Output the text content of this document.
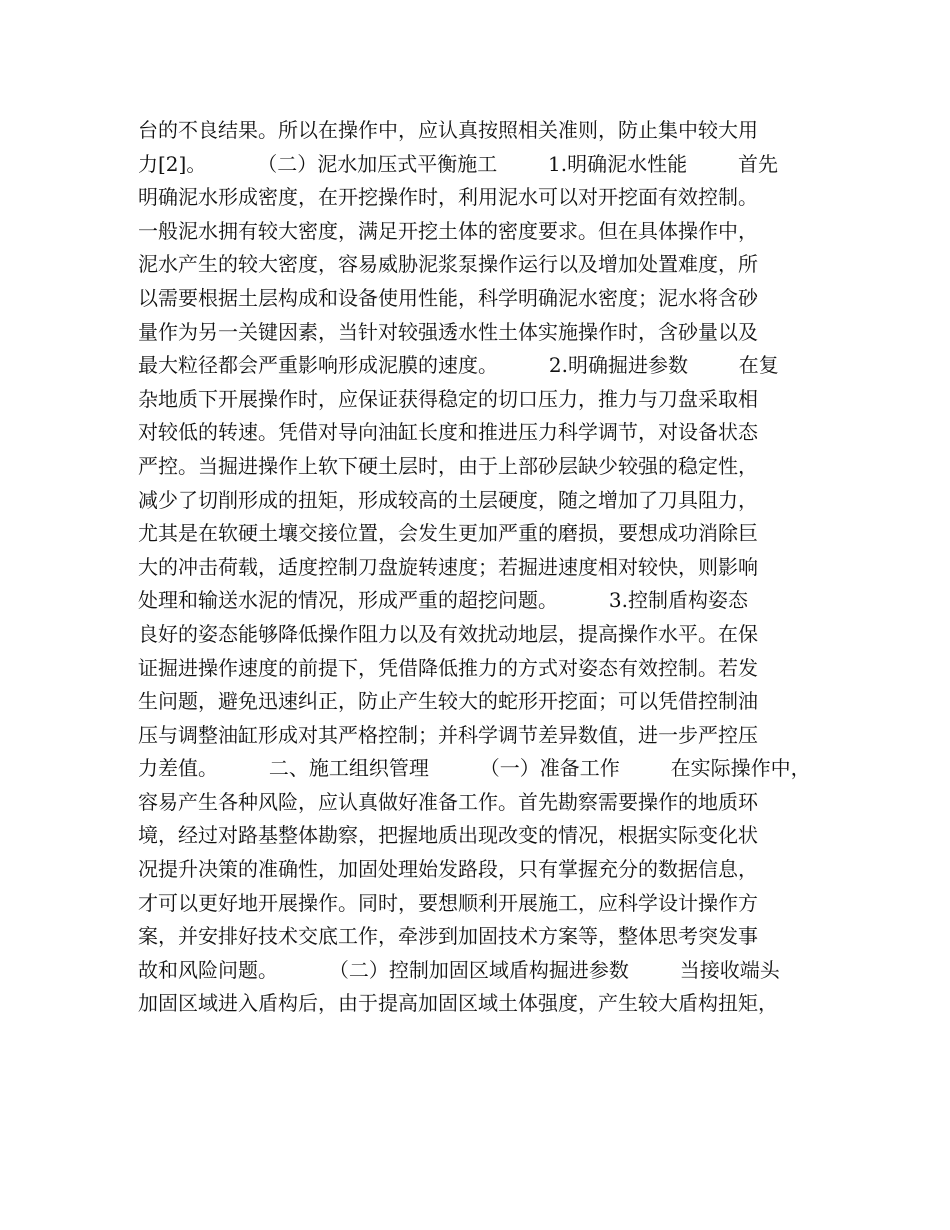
台的不良结果。所以在操作中，应认真按照相关准则，防止集中较大用
力[2]。        （二）泥水加压式平衡施工        1.明确泥水性能        首先
明确泥水形成密度，在开挖操作时，利用泥水可以对开挖面有效控制。
一般泥水拥有较大密度，满足开挖土体的密度要求。但在具体操作中，
泥水产生的较大密度，容易威胁泥浆泵操作运行以及增加处置难度，所
以需要根据土层构成和设备使用性能，科学明确泥水密度；泥水将含砂
量作为另一关键因素，当针对较强透水性土体实施操作时，含砂量以及
最大粒径都会严重影响形成泥膜的速度。        2.明确掘进参数        在复
杂地质下开展操作时，应保证获得稳定的切口压力，推力与刀盘采取相
对较低的转速。凭借对导向油缸长度和推进压力科学调节，对设备状态
严控。当掘进操作上软下硬土层时，由于上部砂层缺少较强的稳定性，
减少了切削形成的扭矩，形成较高的土层硬度，随之增加了刀具阻力，
尤其是在软硬土壤交接位置，会发生更加严重的磨损，要想成功消除巨
大的冲击荷载，适度控制刀盘旋转速度；若掘进速度相对较快，则影响
处理和输送水泥的情况，形成严重的超挖问题。        3.控制盾构姿态
良好的姿态能够降低操作阻力以及有效扰动地层，提高操作水平。在保
证掘进操作速度的前提下，凭借降低推力的方式对姿态有效控制。若发
生问题，避免迅速纠正，防止产生较大的蛇形开挖面；可以凭借控制油
压与调整油缸形成对其严格控制；并科学调节差异数值，进一步严控压
力差值。        二、施工组织管理        （一）准备工作        在实际操作中，
容易产生各种风险，应认真做好准备工作。首先勘察需要操作的地质环
境，经过对路基整体勘察，把握地质出现改变的情况，根据实际变化状
况提升决策的准确性，加固处理始发路段，只有掌握充分的数据信息，
才可以更好地开展操作。同时，要想顺利开展施工，应科学设计操作方
案，并安排好技术交底工作，牵涉到加固技术方案等，整体思考突发事
故和风险问题。        （二）控制加固区域盾构掘进参数        当接收端头
加固区域进入盾构后，由于提高加固区域土体强度，产生较大盾构扭矩，
